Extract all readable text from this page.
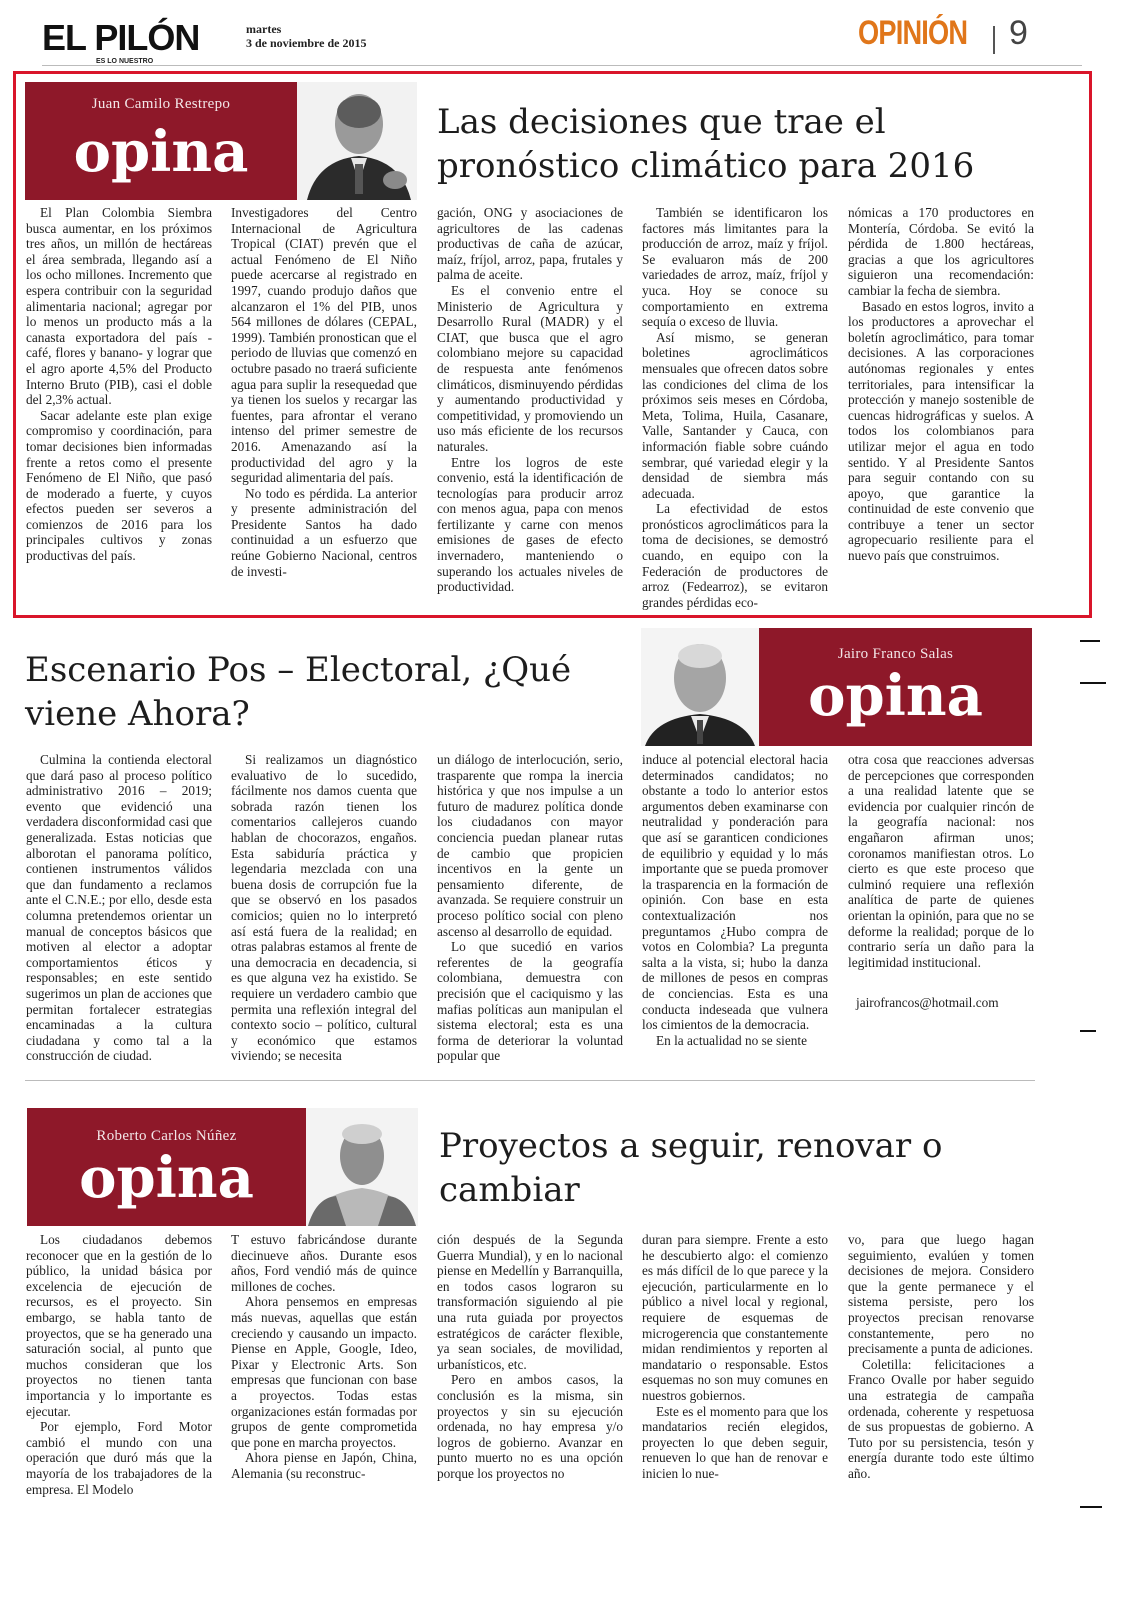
EL PILÓN
ES LO NUESTRO
martes
3 de noviembre de 2015	OPINIÓN 9
Juan Camilo Restrepo
opina	Las decisiones que trae el pronóstico climático para 2016

El Plan Colombia Siembra busca aumentar, en los próximos tres años, un millón de hectáreas el área sembrada, llegando así a los ocho millones. Incremento que espera contribuir con la seguridad alimentaria nacional; agregar por lo menos un producto más a la canasta exportadora del país - café, flores y banano- y lograr que el agro aporte 4,5% del Producto Interno Bruto (PIB), casi el doble del 2,3% actual.

Sacar adelante este plan exige compromiso y coordinación, para tomar decisiones bien informadas frente a retos como el presente Fenómeno de El Niño, que pasó de moderado a fuerte, y cuyos efectos pueden ser severos a comienzos de 2016 para los principales cultivos y zonas productivas del país.

Investigadores del Centro Internacional de Agricultura Tropical (CIAT) prevén que el actual Fenómeno de El Niño puede acercarse al registrado en 1997, cuando produjo daños que alcanzaron el 1% del PIB, unos 564 millones de dólares (CEPAL, 1999). También pronostican que el periodo de lluvias que comenzó en octubre pasado no traerá suficiente agua para suplir la resequedad que ya tienen los suelos y recargar las fuentes, para afrontar el verano intenso del primer semestre de 2016. Amenazando así la productividad del agro y la seguridad alimentaria del país.

No todo es pérdida. La anterior y presente administración del Presidente Santos ha dado continuidad a un esfuerzo que reúne Gobierno Nacional, centros de investi-

gación, ONG y asociaciones de agricultores de las cadenas productivas de caña de azúcar, maíz, fríjol, arroz, papa, frutales y palma de aceite.

Es el convenio entre el Ministerio de Agricultura y Desarrollo Rural (MADR) y el CIAT, que busca que el agro colombiano mejore su capacidad de respuesta ante fenómenos climáticos, disminuyendo pérdidas y aumentando productividad y competitividad, y promoviendo un uso más eficiente de los recursos naturales.

Entre los logros de este convenio, está la identificación de tecnologías para producir arroz con menos agua, papa con menos fertilizante y carne con menos emisiones de gases de efecto invernadero, manteniendo o superando los actuales niveles de productividad.

También se identificaron los factores más limitantes para la producción de arroz, maíz y fríjol. Se evaluaron más de 200 variedades de arroz, maíz, fríjol y yuca. Hoy se conoce su comportamiento en extrema sequía o exceso de lluvia.

Así mismo, se generan boletines agroclimáticos mensuales que ofrecen datos sobre las condiciones del clima de los próximos seis meses en Córdoba, Meta, Tolima, Huila, Casanare, Valle, Santander y Cauca, con información fiable sobre cuándo sembrar, qué variedad elegir y la densidad de siembra más adecuada.

La efectividad de estos pronósticos agroclimáticos para la toma de decisiones, se demostró cuando, en equipo con la Federación de productores de arroz (Fedearroz), se evitaron grandes pérdidas eco-

nómicas a 170 productores en Montería, Córdoba. Se evitó la pérdida de 1.800 hectáreas, gracias a que los agricultores siguieron una recomendación: cambiar la fecha de siembra.

Basado en estos logros, invito a los productores a aprovechar el boletín agroclimático, para tomar decisiones. A las corporaciones autónomas regionales y entes territoriales, para intensificar la protección y manejo sostenible de cuencas hidrográficas y suelos. A todos los colombianos para utilizar mejor el agua en todo sentido. Y al Presidente Santos para seguir contando con su apoyo, que garantice la continuidad de este convenio que contribuye a tener un sector agropecuario resiliente para el nuevo país que construimos.

Escenario Pos – Electoral, ¿Qué viene Ahora?
Jairo Franco Salas
opina

Culmina la contienda electoral que dará paso al proceso político administrativo 2016 – 2019; evento que evidenció una verdadera disconformidad casi que generalizada. Estas noticias que alborotan el panorama político, contienen instrumentos válidos que dan fundamento a reclamos ante el C.N.E.; por ello, desde esta columna pretendemos orientar un manual de conceptos básicos que motiven al elector a adoptar comportamientos éticos y responsables; en este sentido sugerimos un plan de acciones que permitan fortalecer estrategias encaminadas a la cultura ciudadana y como tal a la construcción de ciudad.

Si realizamos un diagnóstico evaluativo de lo sucedido, fácilmente nos damos cuenta que sobrada razón tienen los comentarios callejeros cuando hablan de chocorazos, engaños. Esta sabiduría práctica y legendaria mezclada con una buena dosis de corrupción fue la que se observó en los pasados comicios; quien no lo interpretó así está fuera de la realidad; en otras palabras estamos al frente de una democracia en decadencia, si es que alguna vez ha existido. Se requiere un verdadero cambio que permita una reflexión integral del contexto socio – político, cultural y económico que estamos viviendo; se necesita

un diálogo de interlocución, serio, trasparente que rompa la inercia histórica y que nos impulse a un futuro de madurez política donde los ciudadanos con mayor conciencia puedan planear rutas de cambio que propicien incentivos en la gente un pensamiento diferente, de avanzada. Se requiere construir un proceso político social con pleno ascenso al desarrollo de equidad.

Lo que sucedió en varios referentes de la geografía colombiana, demuestra con precisión que el caciquismo y las mafias políticas aun manipulan el sistema electoral; esta es una forma de deteriorar la voluntad popular que

induce al potencial electoral hacia determinados candidatos; no obstante a todo lo anterior estos argumentos deben examinarse con neutralidad y ponderación para que así se garanticen condiciones de equilibrio y equidad y lo más importante que se pueda promover la trasparencia en la formación de opinión. Con base en esta contextualización nos preguntamos ¿Hubo compra de votos en Colombia? La pregunta salta a la vista, si; hubo la danza de millones de pesos en compras de conciencias. Esta es una conducta indeseada que vulnera los cimientos de la democracia.

En la actualidad no se siente

otra cosa que reacciones adversas de percepciones que corresponden a una realidad latente que se evidencia por cualquier rincón de la geografía nacional: nos engañaron afirman unos; coronamos manifiestan otros. Lo cierto es que este proceso que culminó requiere una reflexión analítica de parte de quienes orientan la opinión, para que no se deforme la realidad; porque de lo contrario sería un daño para la legitimidad institucional.

jairofrancos@hotmail.com
Roberto Carlos Núñez
opina	Proyectos a seguir, renovar o cambiar

Los ciudadanos debemos reconocer que en la gestión de lo público, la unidad básica por excelencia de ejecución de recursos, es el proyecto. Sin embargo, se habla tanto de proyectos, que se ha generado una saturación social, al punto que muchos consideran que los proyectos no tienen tanta importancia y lo importante es ejecutar.

Por ejemplo, Ford Motor cambió el mundo con una operación que duró más que la mayoría de los trabajadores de la empresa. El Modelo

T estuvo fabricándose durante diecinueve años. Durante esos años, Ford vendió más de quince millones de coches.

Ahora pensemos en empresas más nuevas, aquellas que están creciendo y causando un impacto. Piense en Apple, Google, Ideo, Pixar y Electronic Arts. Son empresas que funcionan con base a proyectos. Todas estas organizaciones están formadas por grupos de gente comprometida que pone en marcha proyectos.

Ahora piense en Japón, China, Alemania (su reconstruc-

ción después de la Segunda Guerra Mundial), y en lo nacional piense en Medellín y Barranquilla, en todos casos lograron su transformación siguiendo al pie una ruta guiada por proyectos estratégicos de carácter flexible, ya sean sociales, de movilidad, urbanísticos, etc.

Pero en ambos casos, la conclusión es la misma, sin proyectos y sin su ejecución ordenada, no hay empresa y/o logros de gobierno. Avanzar en punto muerto no es una opción porque los proyectos no

duran para siempre. Frente a esto he descubierto algo: el comienzo es más difícil de lo que parece y la ejecución, particularmente en lo público a nivel local y regional, requiere de esquemas de microgerencia que constantemente midan rendimientos y reporten al mandatario o responsable. Estos esquemas no son muy comunes en nuestros gobiernos.

Este es el momento para que los mandatarios recién elegidos, proyecten lo que deben seguir, renueven lo que han de renovar e inicien lo nue-

vo, para que luego hagan seguimiento, evalúen y tomen decisiones de mejora. Considero que la gente permanece y el sistema persiste, pero los proyectos precisan renovarse constantemente, pero no precisamente a punta de adiciones.

Coletilla: felicitaciones a Franco Ovalle por haber seguido una estrategia de campaña ordenada, coherente y respetuosa de sus propuestas de gobierno. A Tuto por su persistencia, tesón y energía durante todo este último año.
